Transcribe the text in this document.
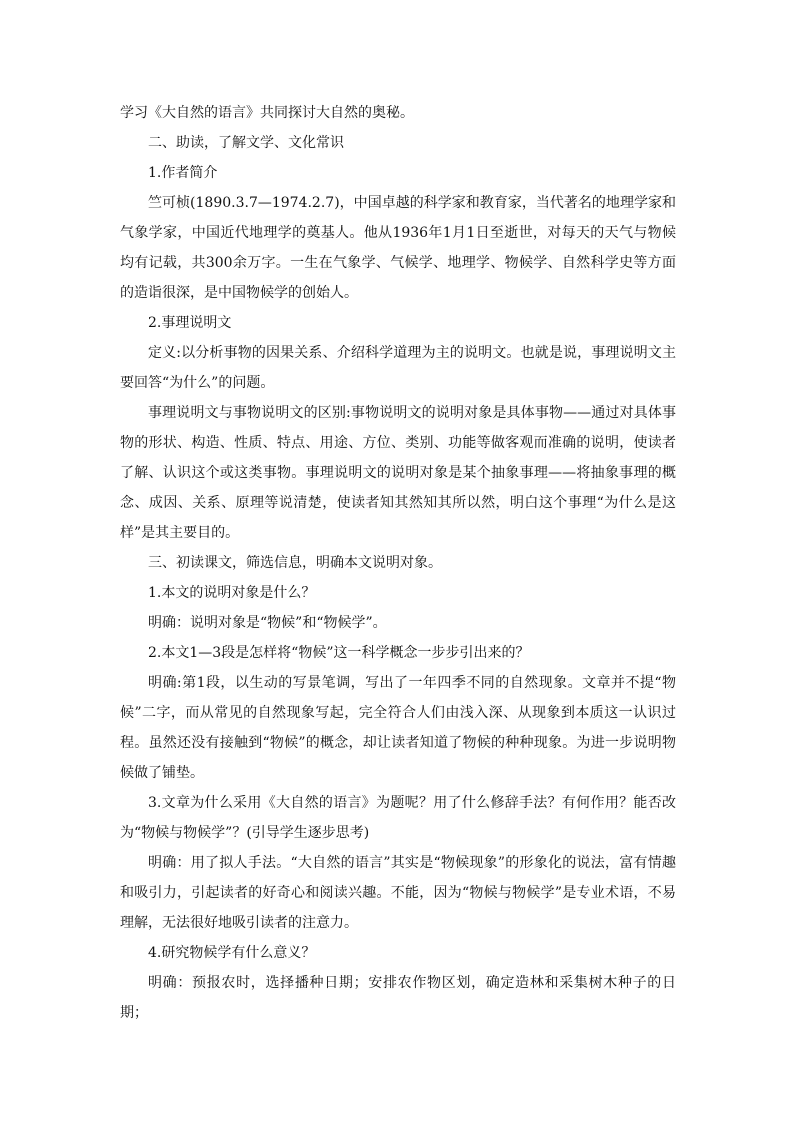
学习《大自然的语言》共同探讨大自然的奥秘。

二、助读，了解文学、文化常识

1.作者简介

竺可桢(1890.3.7—1974.2.7)，中国卓越的科学家和教育家，当代著名的地理学家和气象学家，中国近代地理学的奠基人。他从1936年1月1日至逝世，对每天的天气与物候均有记载，共300余万字。一生在气象学、气候学、地理学、物候学、自然科学史等方面的造诣很深，是中国物候学的创始人。

2.事理说明文

定义:以分析事物的因果关系、介绍科学道理为主的说明文。也就是说，事理说明文主要回答“为什么”的问题。

事理说明文与事物说明文的区别:事物说明文的说明对象是具体事物——通过对具体事物的形状、构造、性质、特点、用途、方位、类别、功能等做客观而准确的说明，使读者了解、认识这个或这类事物。事理说明文的说明对象是某个抽象事理——将抽象事理的概念、成因、关系、原理等说清楚，使读者知其然知其所以然，明白这个事理“为什么是这样”是其主要目的。

三、初读课文，筛选信息，明确本文说明对象。

1.本文的说明对象是什么？

明确：说明对象是“物候”和“物候学”。

2.本文1—3段是怎样将“物候”这一科学概念一步步引出来的？

明确:第1段，以生动的写景笔调，写出了一年四季不同的自然现象。文章并不提“物候”二字，而从常见的自然现象写起，完全符合人们由浅入深、从现象到本质这一认识过程。虽然还没有接触到“物候”的概念，却让读者知道了物候的种种现象。为进一步说明物候做了铺垫。

3.文章为什么采用《大自然的语言》为题呢？用了什么修辞手法？有何作用？能否改为“物候与物候学”？(引导学生逐步思考)

明确：用了拟人手法。“大自然的语言”其实是“物候现象”的形象化的说法，富有情趣和吸引力，引起读者的好奇心和阅读兴趣。不能，因为“物候与物候学”是专业术语，不易理解，无法很好地吸引读者的注意力。

4.研究物候学有什么意义？

明确：预报农时，选择播种日期；安排农作物区划，确定造林和采集树木种子的日期；
